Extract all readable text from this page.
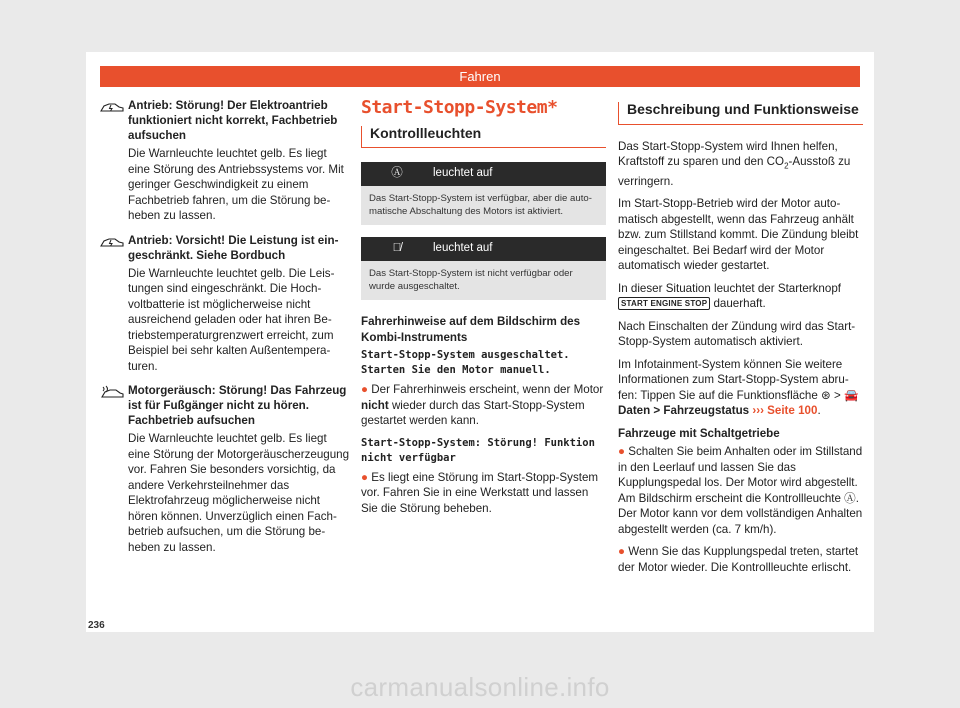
Fahren
Antrieb: Störung! Der Elektroantrieb funktioniert nicht korrekt, Fachbetrieb aufsuchen

Die Warnleuchte leuchtet gelb. Es liegt eine Störung des Antriebssystems vor. Mit geringer Geschwindigkeit zu einem Fachbetrieb fahren, um die Störung beheben zu lassen.

Antrieb: Vorsicht! Die Leistung ist eingeschränkt. Siehe Bordbuch

Die Warnleuchte leuchtet gelb. Die Leistungen sind eingeschränkt. Die Hochvoltbatterie ist möglicherweise nicht ausreichend geladen oder hat ihren Betriebstemperaturgrenzwert erreicht, zum Beispiel bei sehr kalten Außentemperaturen.

Motorgeräusch: Störung! Das Fahrzeug ist für Fußgänger nicht zu hören. Fachbetrieb aufsuchen

Die Warnleuchte leuchtet gelb. Es liegt eine Störung der Motorgeräuscherzeugung vor. Fahren Sie besonders vorsichtig, da andere Verkehrsteilnehmer das Elektrofahrzeug möglicherweise nicht hören können. Unverzüglich einen Fachbetrieb aufsuchen, um die Störung beheben zu lassen.

Start-Stopp-System*
Kontrollleuchten
Ⓐ	leuchtet auf
Das Start-Stopp-System ist verfügbar, aber die automatische Abschaltung des Motors ist aktiviert.
Ⓐ̸	leuchtet auf
Das Start-Stopp-System ist nicht verfügbar oder wurde ausgeschaltet.
Fahrerhinweise auf dem Bildschirm des Kombi-Instruments
Start-Stopp-System ausgeschaltet. Starten Sie den Motor manuell.
● Der Fahrerhinweis erscheint, wenn der Motor nicht wieder durch das Start-Stopp-System gestartet werden kann.
Start-Stopp-System: Störung! Funktion nicht verfügbar
● Es liegt eine Störung im Start-Stopp-System vor. Fahren Sie in eine Werkstatt und lassen Sie die Störung beheben.
Beschreibung und Funktionsweise

Das Start-Stopp-System wird Ihnen helfen, Kraftstoff zu sparen und den $CO_2$-Ausstoß zu verringern.

Im Start-Stopp-Betrieb wird der Motor automatisch abgestellt, wenn das Fahrzeug anhält bzw. zum Stillstand kommt. Die Zündung bleibt eingeschaltet. Bei Bedarf wird der Motor automatisch wieder gestartet.

In dieser Situation leuchtet der Starterknopf START ENGINE STOP dauerhaft.

Nach Einschalten der Zündung wird das Start-Stopp-System automatisch aktiviert.

Im Infotainment-System können Sie weitere Informationen zum Start-Stopp-System abrufen: Tippen Sie auf die Funktionsfläche ⊛ > 🚘 Daten > Fahrzeugstatus ››› Seite 100.

Fahrzeuge mit Schaltgetriebe
● Schalten Sie beim Anhalten oder im Stillstand in den Leerlauf und lassen Sie das Kupplungspedal los. Der Motor wird abgestellt. Am Bildschirm erscheint die Kontrollleuchte Ⓐ. Der Motor kann vor dem vollständigen Anhalten abgestellt werden (ca. 7 km/h).
● Wenn Sie das Kupplungspedal treten, startet der Motor wieder. Die Kontrollleuchte erlischt.
236
carmanualsonline.info
